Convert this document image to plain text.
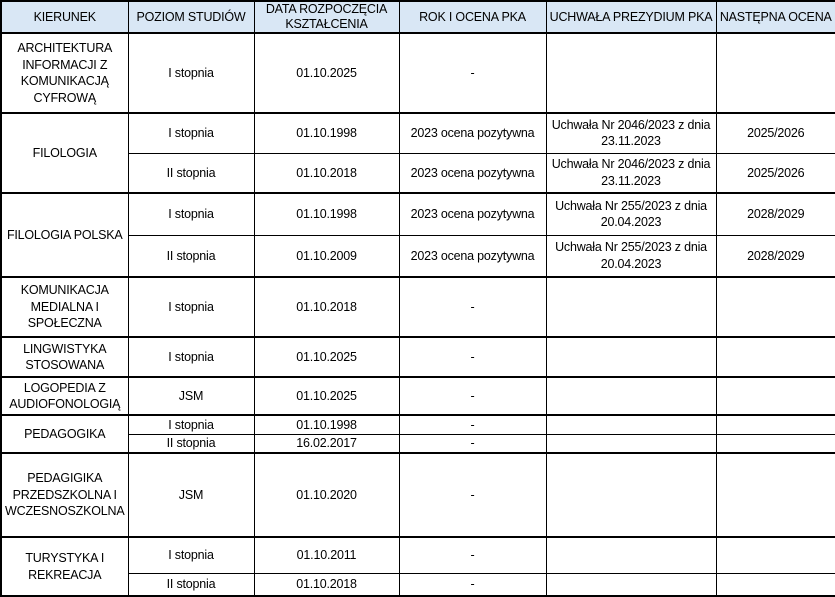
KIERUNEK	POZIOM STUDIÓW	DATA ROZPOCZĘCIA KSZTAŁCENIA	ROK I OCENA PKA	UCHWAŁA PREZYDIUM PKA	NASTĘPNA OCENA
ARCHITEKTURA INFORMACJI Z KOMUNIKACJĄ CYFROWĄ	I stopnia	01.10.2025	-		
FILOLOGIA	I stopnia	01.10.1998	2023 ocena pozytywna	Uchwała Nr 2046/2023 z dnia 23.11.2023	2025/2026
	II stopnia	01.10.2018	2023 ocena pozytywna	Uchwała Nr 2046/2023 z dnia 23.11.2023	2025/2026
FILOLOGIA POLSKA	I stopnia	01.10.1998	2023 ocena pozytywna	Uchwała Nr 255/2023 z dnia 20.04.2023	2028/2029
	II stopnia	01.10.2009	2023 ocena pozytywna	Uchwała Nr 255/2023 z dnia 20.04.2023	2028/2029
KOMUNIKACJA MEDIALNA I SPOŁECZNA	I stopnia	01.10.2018	-		
LINGWISTYKA STOSOWANA	I stopnia	01.10.2025	-		
LOGOPEDIA Z AUDIOFONOLOGIĄ	JSM	01.10.2025	-		
PEDAGOGIKA	I stopnia	01.10.1998	-		
	II stopnia	16.02.2017	-		
PEDAGIGIKA PRZEDSZKOLNA I WCZESNOSZKOLNA	JSM	01.10.2020	-		
TURYSTYKA I REKREACJA	I stopnia	01.10.2011	-		
	II stopnia	01.10.2018	-		
